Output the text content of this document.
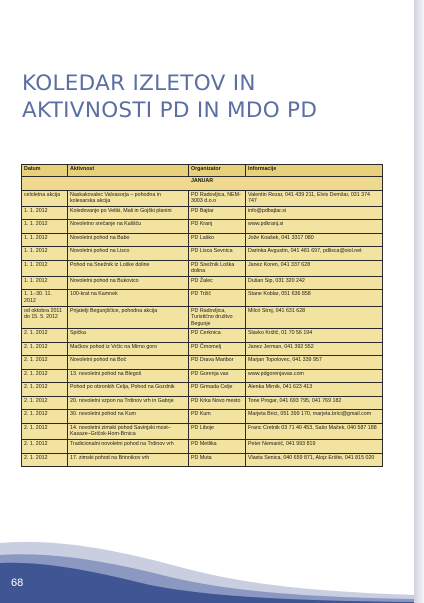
KOLEDAR IZLETOV IN
AKTIVNOSTI PD IN MDO PD
Datum	Aktivnost	Organizator	Informacije
JANUAR			
celoletna akcija	Naskakovalec Valvasorja – pohodna in kolesarska akcija	PD Radovljica, NEM-3003 d.o.o	Valentin Rezar, 041 439 211, Elvis Demšar, 031 374 747
1. 1. 2012	Koledovanje po Veliki, Mali in Gojški planini	PD Bajtar	info@pdbajtar.si
1. 1. 2012	Novoletno srečanje na Kališču	PD Kranj	www.pdkranj.si
1. 1. 2012	Novoletni pohod na Babo	PD Laško	Jože Koašek, 041 3317 080
1. 1. 2012	Novoletni pohod na Lisco	PD Lisca Sevnica	Darinka Avgustin, 041 481 697, pdlisca@siol.net
1. 1. 2012	Pohod na Snežnik iz Loške doline	PD Snežnik Loška dolina	Janez Koren, 041 337 628
1. 1. 2012	Novoletni pohod na Bukovico	PD Žalec	Dušan Sip, 031 320 242
1. 1.-30. 11. 2012	100-krat na Kamnek	PD Tržič	Stane Koblar, 051 636 858
od oktobra 2011 do 15. 5. 2012	Prijatelji Begunjščice, pohodna akcija	PD Radovljica, Turistično društvo Begunje	Milcó Strnj, 041 631 628
2. 1. 2012	Spička	PD Cerknica	Slavko Križič, 01 70 56 194
2. 1. 2012	Mačkov pohod iz Vrčic na Mirno goro	PD Črnomelj	Janez Jerman, 041 392 552
2. 1. 2012	Novoletni pohod na Boč	PD Drava Maribor	Marjan Topolovec, 041 339 957
2. 1. 2012	13. novoletni pohod na Blegoš	PD Gorenja vas	www.pdgorenjavas.com
2. 1. 2012	Pohod po obronkih Celja, Pohod na Gozdnik	PD Grmada Celje	Alenka Mirnik, 041 623 413
2. 1. 2012	20. novoletni vzpon na Trdinov vrh in Gabrje	PD Krka Novo mesto	Tone Progar, 041 693 795, 041 769 182
2. 1. 2012	30. novoletni pohod na Kum	PD Kum	Marjeta Brici, 051 399 170, marjeta.brici@gmail.com
2. 1. 2012	14. novoletni zimski pohod Savinjski most–Kasaze–Gričok-Hom-Brnica	PD Liboje	Franc Cretnik 03 71 40 453, Sašo Maček, 040 587 188
2. 1. 2012	Tradicionalni novoletni pohod na Trdinov vrh	PD Metlika	Peter Nemanič, 041 993 819
2. 1. 2012	17. zimski pohod na Brinnikov vrh	PD Muta	Vlasta Senica, 040 659 871, Alojz Erište, 041 815 020
68
